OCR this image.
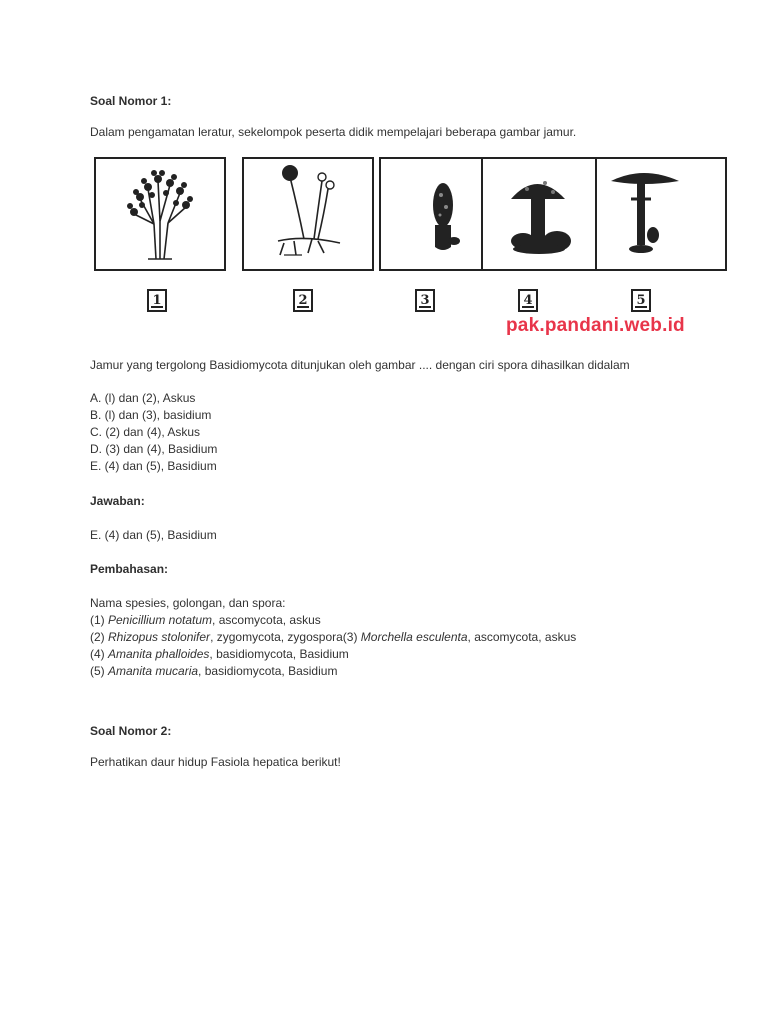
Soal Nomor 1:
Dalam pengamatan leratur, sekelompok peserta didik mempelajari beberapa gambar jamur.
1	2	3	4	5
pak.pandani.web.id
Jamur yang tergolong Basidiomycota ditunjukan oleh gambar .... dengan ciri spora dihasilkan didalam
A. (l) dan (2), Askus
B. (l) dan (3), basidium
C. (2) dan (4), Askus
D. (3) dan (4), Basidium
E. (4) dan (5), Basidium
Jawaban:
E. (4) dan (5), Basidium
Pembahasan:
Nama spesies, golongan, dan spora:
(1) Penicillium notatum, ascomycota, askus
(2) Rhizopus stolonifer, zygomycota, zygospora(3) Morchella esculenta, ascomycota, askus
(4) Amanita phalloides, basidiomycota, Basidium
(5) Amanita mucaria, basidiomycota, Basidium
Soal Nomor 2:
Perhatikan daur hidup Fasiola hepatica berikut!
